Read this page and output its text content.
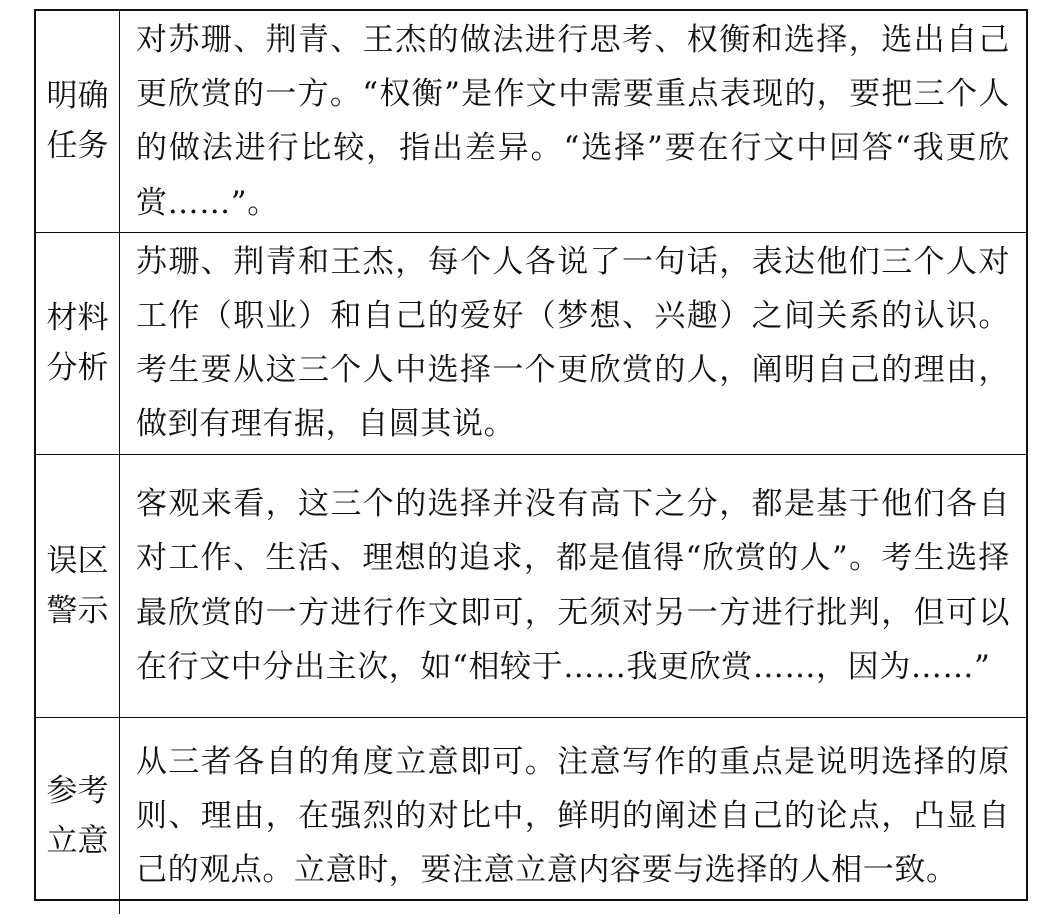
明确任务	对苏珊、荆青、王杰的做法进行思考、权衡和选择，选出自己更欣赏的一方。“权衡”是作文中需要重点表现的，要把三个人的做法进行比较，指出差异。“选择”要在行文中回答“我更欣赏……”。

材料分析	苏珊、荆青和王杰，每个人各说了一句话，表达他们三个人对工作（职业）和自己的爱好（梦想、兴趣）之间关系的认识。考生要从这三个人中选择一个更欣赏的人，阐明自己的理由，做到有理有据，自圆其说。

误区警示	客观来看，这三个的选择并没有高下之分，都是基于他们各自对工作、生活、理想的追求，都是值得“欣赏的人”。考生选择最欣赏的一方进行作文即可，无须对另一方进行批判，但可以在行文中分出主次，如“相较于……我更欣赏……，因为……”

参考立意	从三者各自的角度立意即可。注意写作的重点是说明选择的原则、理由，在强烈的对比中，鲜明的阐述自己的论点，凸显自己的观点。立意时，要注意立意内容要与选择的人相一致。
